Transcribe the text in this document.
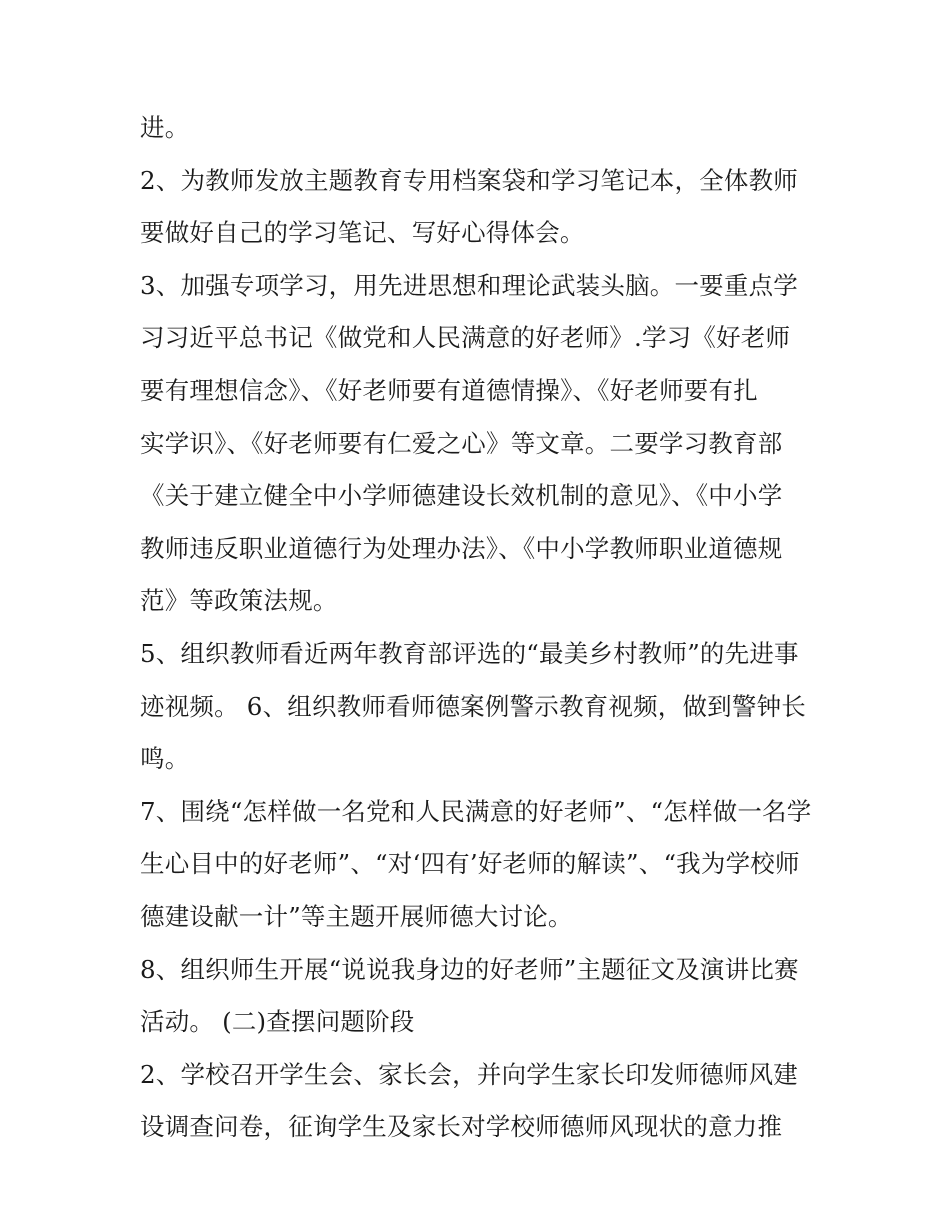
进。
2、为教师发放主题教育专用档案袋和学习笔记本，全体教师
要做好自己的学习笔记、写好心得体会。
3、加强专项学习，用先进思想和理论武装头脑。一要重点学
习习近平总书记《做党和人民满意的好老师》.学习《好老师
要有理想信念》、《好老师要有道德情操》、《好老师要有扎
实学识》、《好老师要有仁爱之心》等文章。二要学习教育部
《关于建立健全中小学师德建设长效机制的意见》、《中小学
教师违反职业道德行为处理办法》、《中小学教师职业道德规
范》等政策法规。
5、组织教师看近两年教育部评选的“最美乡村教师”的先进事
迹视频。 6、组织教师看师德案例警示教育视频，做到警钟长
鸣。
7、围绕“怎样做一名党和人民满意的好老师”、“怎样做一名学
生心目中的好老师”、“对‘四有’好老师的解读”、“我为学校师
德建设献一计”等主题开展师德大讨论。
8、组织师生开展“说说我身边的好老师”主题征文及演讲比赛
活动。 (二)查摆问题阶段
2、学校召开学生会、家长会，并向学生家长印发师德师风建
设调查问卷，征询学生及家长对学校师德师风现状的意力推
